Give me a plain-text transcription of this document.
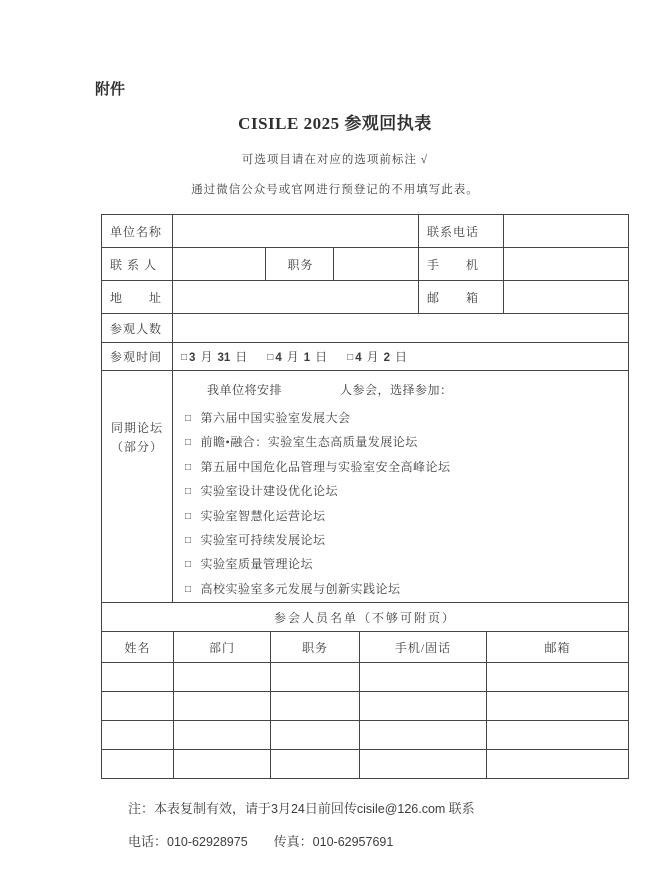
附件
CISILE 2025 参观回执表
可选项目请在对应的选项前标注 √
通过微信公众号或官网进行预登记的不用填写此表。
单位名称				联系电话	
联 系 人		职务		手　　机	
地　　址				邮　　箱	
参观人数					
参观时间	□ 3 月 31 日 □ 4 月 1 日 □ 4 月 2 日				

同期论坛
（部分）

我单位将安排	人参会，选择参加：
□ 第六届中国实验室发展大会
□ 前瞻•融合：实验室生态高质量发展论坛
□ 第五届中国危化品管理与实验室安全高峰论坛
□ 实验室设计建设优化论坛
□ 实验室智慧化运营论坛
□ 实验室可持续发展论坛
□ 实验室质量管理论坛
□ 高校实验室多元发展与创新实践论坛
参会人员名单（不够可附页）				
姓名	部门	职务	手机/固话	邮箱

注：本表复制有效，请于3月24日前回传cisile@126.com 联系
电话：010-62928975 传真：010-62957691
